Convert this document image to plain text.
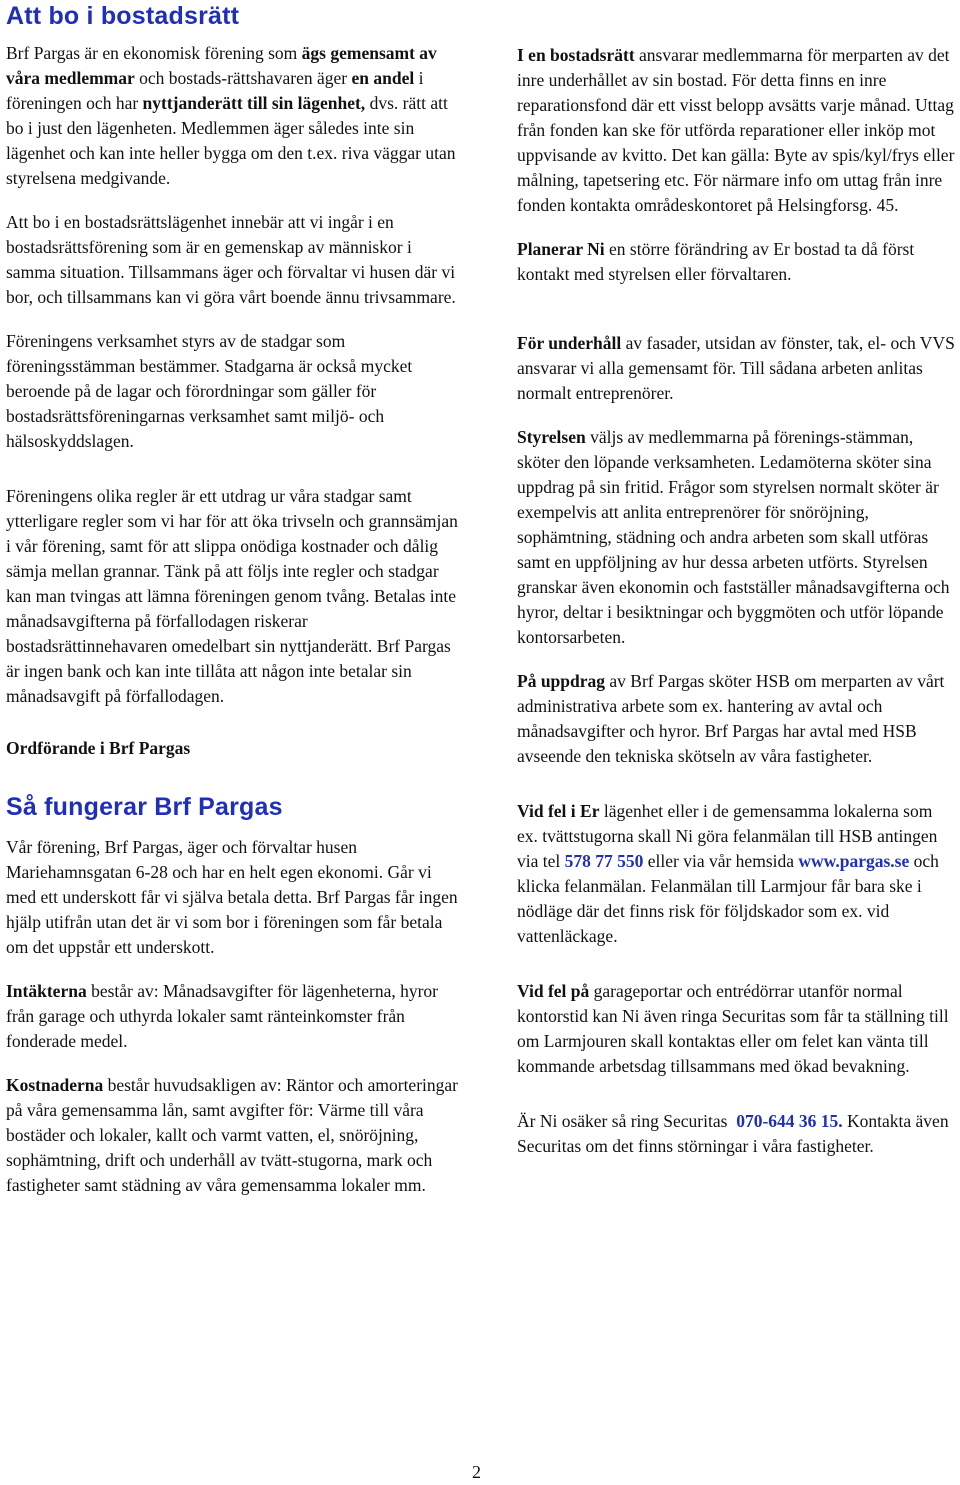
Att bo i bostadsrätt

Brf Pargas är en ekonomisk förening som ägs gemensamt av våra medlemmar och bostads-rättshavaren äger en andel i föreningen och har nyttjanderätt till sin lägenhet, dvs. rätt att bo i just den lägenheten. Medlemmen äger således inte sin lägenhet och kan inte heller bygga om den t.ex. riva väggar utan styrelsena medgivande.

Att bo i en bostadsrättslägenhet innebär att vi ingår i en bostadsrättsförening som är en gemenskap av människor i samma situation. Tillsammans äger och förvaltar vi husen där vi bor, och tillsammans kan vi göra vårt boende ännu trivsammare.

Föreningens verksamhet styrs av de stadgar som föreningsstämman bestämmer. Stadgarna är också mycket beroende på de lagar och förordningar som gäller för bostadsrättsföreningarnas verksamhet samt miljö- och hälsoskyddslagen.

Föreningens olika regler är ett utdrag ur våra stadgar samt ytterligare regler som vi har för att öka trivseln och grannsämjan i vår förening, samt för att slippa onödiga kostnader och dålig sämja mellan grannar. Tänk på att följs inte regler och stadgar kan man tvingas att lämna föreningen genom tvång. Betalas inte månadsavgifterna på förfallodagen riskerar bostadsrättinnehavaren omedelbart sin nyttjanderätt. Brf Pargas är ingen bank och kan inte tillåta att någon inte betalar sin månadsavgift på förfallodagen.

Ordförande i Brf Pargas

Så fungerar Brf Pargas

Vår förening, Brf Pargas, äger och förvaltar husen Mariehamnsgatan 6-28 och har en helt egen ekonomi. Går vi med ett underskott får vi själva betala detta. Brf Pargas får ingen hjälp utifrån utan det är vi som bor i föreningen som får betala om det uppstår ett underskott.

Intäkterna består av: Månadsavgifter för lägenheterna, hyror från garage och uthyrda lokaler samt ränteinkomster från fonderade medel.

Kostnaderna består huvudsakligen av: Räntor och amorteringar på våra gemensamma lån, samt avgifter för: Värme till våra bostäder och lokaler, kallt och varmt vatten, el, snöröjning, sophämtning, drift och underhåll av tvätt-stugorna, mark och fastigheter samt städning av våra gemensamma lokaler mm.

I en bostadsrätt ansvarar medlemmarna för merparten av det inre underhållet av sin bostad. För detta finns en inre reparationsfond där ett visst belopp avsätts varje månad. Uttag från fonden kan ske för utförda reparationer eller inköp mot uppvisande av kvitto. Det kan gälla: Byte av spis/kyl/frys eller målning, tapetsering etc. För närmare info om uttag från inre fonden kontakta områdeskontoret på Helsingforsg. 45.

Planerar Ni en större förändring av Er bostad ta då först kontakt med styrelsen eller förvaltaren.

För underhåll av fasader, utsidan av fönster, tak, el- och VVS ansvarar vi alla gemensamt för. Till sådana arbeten anlitas normalt entreprenörer.

Styrelsen väljs av medlemmarna på förenings-stämman, sköter den löpande verksamheten. Ledamöterna sköter sina uppdrag på sin fritid. Frågor som styrelsen normalt sköter är exempelvis att anlita entreprenörer för snöröjning, sophämtning, städning och andra arbeten som skall utföras samt en uppföljning av hur dessa arbeten utförts. Styrelsen granskar även ekonomin och fastställer månadsavgifterna och hyror, deltar i besiktningar och byggmöten och utför löpande kontorsarbeten.

På uppdrag av Brf Pargas sköter HSB om merparten av vårt administrativa arbete som ex. hantering av avtal och månadsavgifter och hyror. Brf Pargas har avtal med HSB avseende den tekniska skötseln av våra fastigheter.

Vid fel i Er lägenhet eller i de gemensamma lokalerna som ex. tvättstugorna skall Ni göra felanmälan till HSB antingen via tel 578 77 550 eller via vår hemsida www.pargas.se och klicka felanmälan. Felanmälan till Larmjour får bara ske i nödläge där det finns risk för följdskador som ex. vid vattenläckage.

Vid fel på garageportar och entrédörrar utanför normal kontorstid kan Ni även ringa Securitas som får ta ställning till om Larmjouren skall kontaktas eller om felet kan vänta till kommande arbetsdag tillsammans med ökad bevakning.

Är Ni osäker så ring Securitas  070-644 36 15. Kontakta även Securitas om det finns störningar i våra fastigheter.

2
